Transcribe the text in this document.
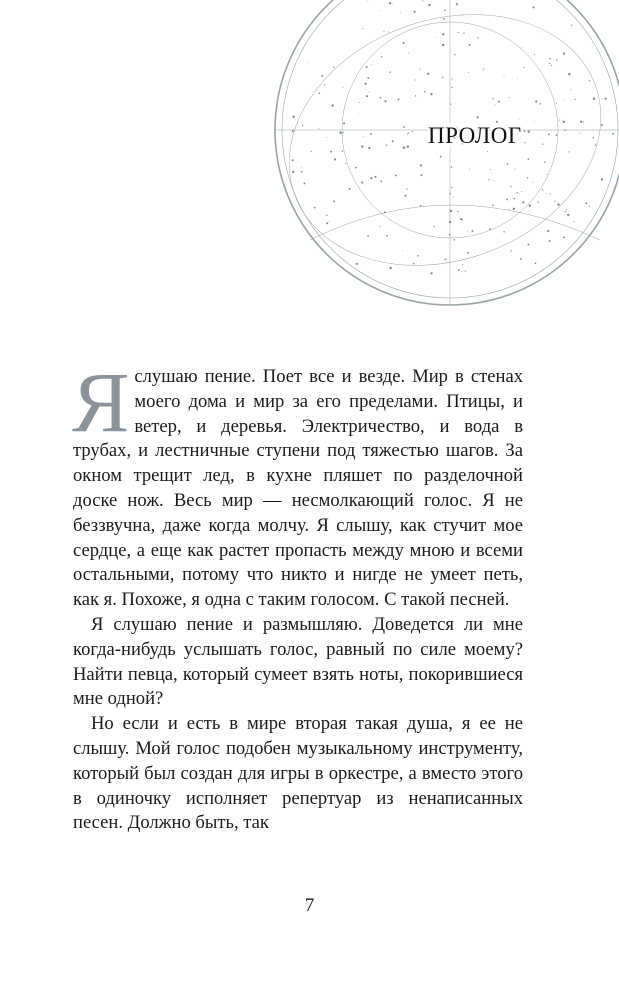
ПРОЛОГ

Яслушаю пение. Поет все и везде. Мир в стенах моего дома и мир за его пределами. Птицы, и ветер, и деревья. Электричество, и вода в трубах, и лестничные ступени под тяжестью шагов. За окном трещит лед, в кухне пляшет по разделочной доске нож. Весь мир — несмолкающий голос. Я не беззвучна, даже когда молчу. Я слышу, как стучит мое сердце, а еще как растет пропасть между мною и всеми остальными, потому что никто и нигде не умеет петь, как я. Похоже, я одна с таким голосом. С такой песней.

Я слушаю пение и размышляю. Доведется ли мне когда-нибудь услышать голос, равный по силе моему? Найти певца, который сумеет взять ноты, покорившиеся мне одной?

Но если и есть в мире вторая такая душа, я ее не слышу. Мой голос подобен музыкальному инструменту, который был создан для игры в оркестре, а вместо этого в одиночку исполняет репертуар из ненаписанных песен. Должно быть, так

7
